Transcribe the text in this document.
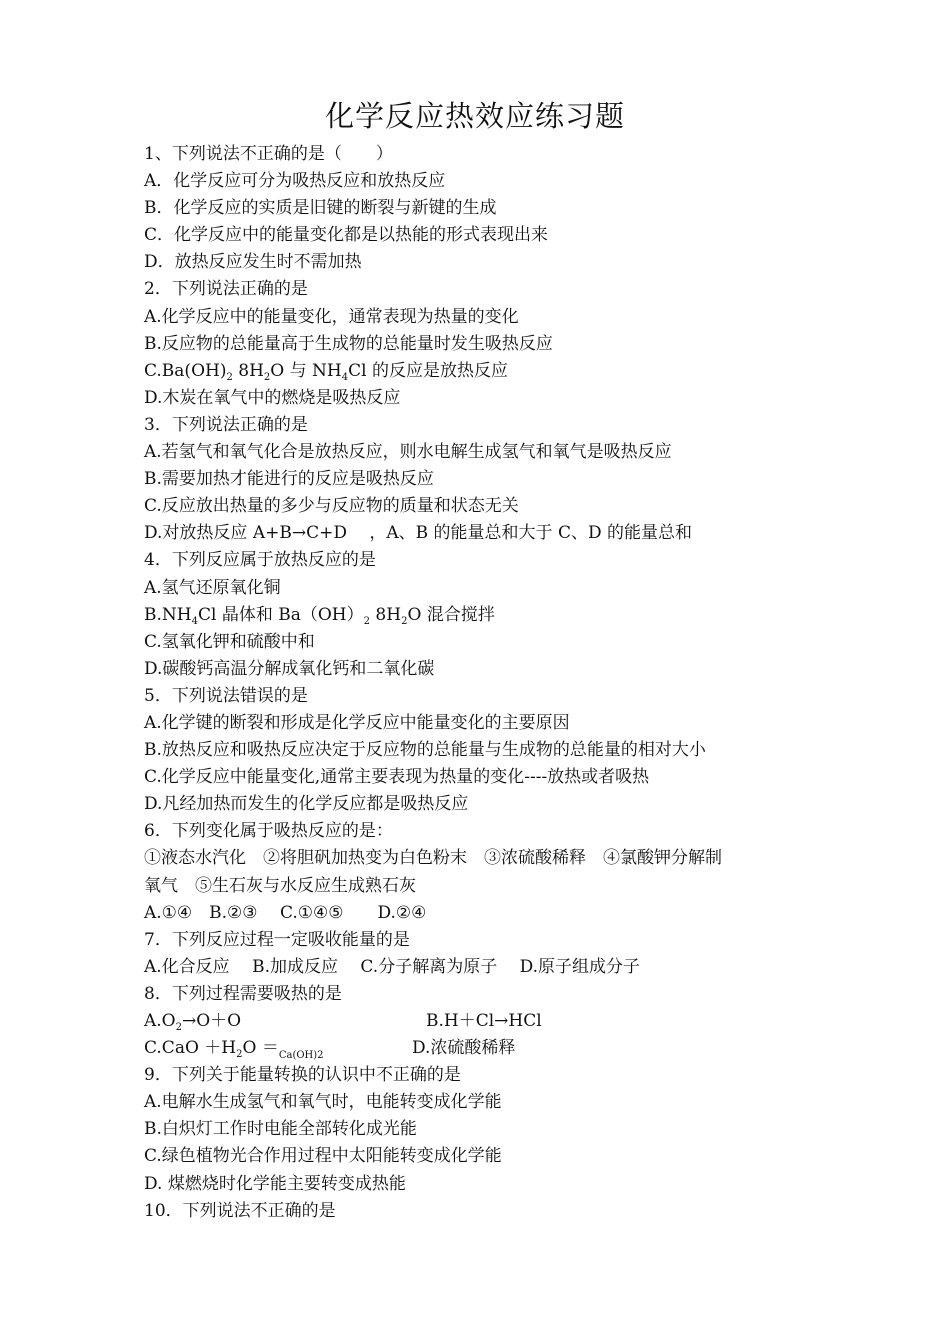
化学反应热效应练习题
1、下列说法不正确的是（　　）
A．化学反应可分为吸热反应和放热反应
B．化学反应的实质是旧键的断裂与新键的生成
C．化学反应中的能量变化都是以热能的形式表现出来
D．放热反应发生时不需加热
2．下列说法正确的是
A.化学反应中的能量变化，通常表现为热量的变化
B.反应物的总能量高于生成物的总能量时发生吸热反应
$C.Ba(OH)_2$ $8H_2O$ 与 $NH_4Cl$ 的反应是放热反应
D.木炭在氧气中的燃烧是吸热反应
3．下列说法正确的是
A.若氢气和氧气化合是放热反应，则水电解生成氢气和氧气是吸热反应
B.需要加热才能进行的反应是吸热反应
C.反应放出热量的多少与反应物的质量和状态无关
D.对放热反应 A+B→C+D　 ，A、B 的能量总和大于 C、D 的能量总和
4．下列反应属于放热反应的是
A.氢气还原氧化铜
$B.NH_4Cl$ 晶体和 $Ba(OH)_2$ $8H_2O$ 混合搅拌
C.氢氧化钾和硫酸中和
D.碳酸钙高温分解成氧化钙和二氧化碳
5．下列说法错误的是
A.化学键的断裂和形成是化学反应中能量变化的主要原因
B.放热反应和吸热反应决定于反应物的总能量与生成物的总能量的相对大小
C.化学反应中能量变化,通常主要表现为热量的变化----放热或者吸热
D.凡经加热而发生的化学反应都是吸热反应
6．下列变化属于吸热反应的是：
①液态水汽化　②将胆矾加热变为白色粉末　③浓硫酸稀释　④氯酸钾分解制
氧气　⑤生石灰与水反应生成熟石灰
A.①④　B.②③　 C.①④⑤　　D.②④
7．下列反应过程一定吸收能量的是
A.化合反应　 B.加成反应　 C.分子解离为原子　 D.原子组成分子
8．下列过程需要吸热的是
$A.O_2\to O+O$	B.H＋Cl→HCl
$C.CaO +H_2O =_{Ca(OH)2}$	D.浓硫酸稀释
9．下列关于能量转换的认识中不正确的是
A.电解水生成氢气和氧气时，电能转变成化学能
B.白炽灯工作时电能全部转化成光能
C.绿色植物光合作用过程中太阳能转变成化学能
D. 煤燃烧时化学能主要转变成热能
10．下列说法不正确的是
